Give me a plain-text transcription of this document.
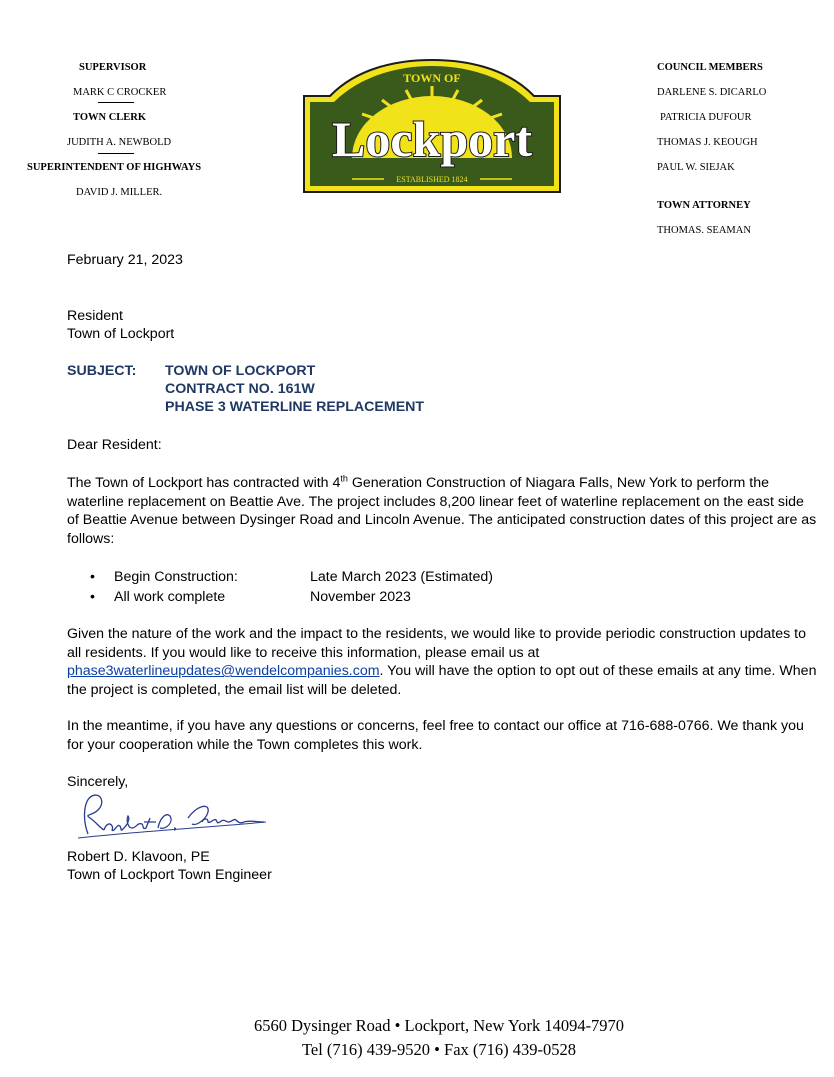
SUPERVISOR
MARK C CROCKER
TOWN CLERK
JUDITH A. NEWBOLD
SUPERINTENDENT OF HIGHWAYS
DAVID J. MILLER.
COUNCIL MEMBERS
DARLENE S. DICARLO
PATRICIA DUFOUR
THOMAS J. KEOUGH
PAUL W. SIEJAK
TOWN ATTORNEY
THOMAS. SEAMAN
TOWN OF
Lockport
ESTABLISHED 1824
February 21, 2023
Resident
Town of Lockport
SUBJECT: TOWN OF LOCKPORT
CONTRACT NO. 161W
PHASE 3 WATERLINE REPLACEMENT
Dear Resident:
The Town of Lockport has contracted with 4th Generation Construction of Niagara Falls, New York to perform the waterline replacement on Beattie Ave. The project includes 8,200 linear feet of waterline replacement on the east side of Beattie Avenue between Dysinger Road and Lincoln Avenue. The anticipated construction dates of this project are as follows:
• Begin Construction:	Late March 2023 (Estimated)
• All work complete	November 2023
Given the nature of the work and the impact to the residents, we would like to provide periodic construction updates to all residents. If you would like to receive this information, please email us at phase3waterlineupdates@wendelcompanies.com. You will have the option to opt out of these emails at any time. When the project is completed, the email list will be deleted.
In the meantime, if you have any questions or concerns, feel free to contact our office at 716-688-0766. We thank you for your cooperation while the Town completes this work.
Sincerely,
Robert D. Klavoon, PE
Town of Lockport Town Engineer
6560 Dysinger Road • Lockport, New York 14094-7970
Tel (716) 439-9520 • Fax (716) 439-0528
